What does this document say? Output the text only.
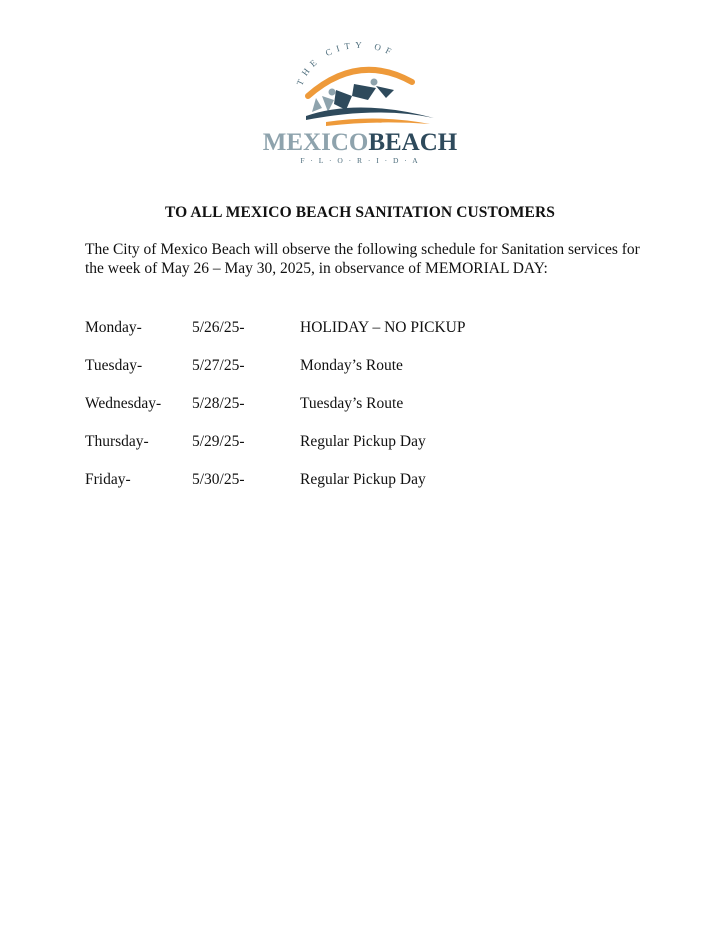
THE CITY OF
MEXICOBEACH
F · L · O · R · I · D · A
TO ALL MEXICO BEACH SANITATION CUSTOMERS
The City of Mexico Beach will observe the following schedule for Sanitation services for the week of May 26 – May 30, 2025, in observance of MEMORIAL DAY:
Monday-	5/26/25-	HOLIDAY – NO PICKUP
Tuesday-	5/27/25-	Monday’s Route
Wednesday- 5/28/25-	Tuesday’s Route
Thursday-	5/29/25-	Regular Pickup Day
Friday-	5/30/25-	Regular Pickup Day
